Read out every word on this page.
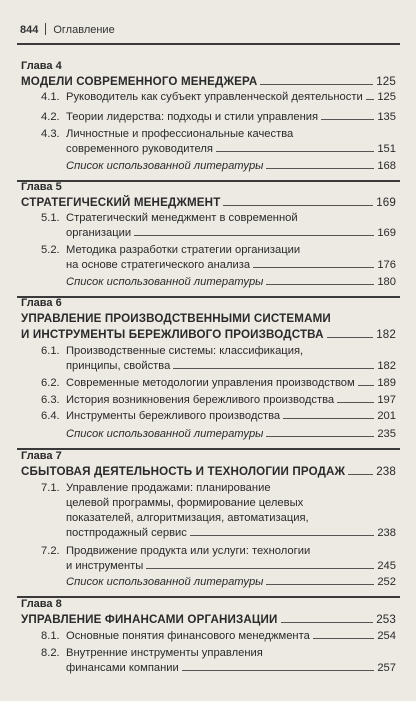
844 Оглавление
Глава 4
МОДЕЛИ СОВРЕМЕННОГО МЕНЕДЖЕРА	125
4.1. Руководитель как субъект управленческой деятельности 125
4.2. Теории лидерства: подходы и стили управления	135
4.3. Личностные и профессиональные качества
современного руководителя	151
Список использованной литературы	168
Глава 5
СТРАТЕГИЧЕСКИЙ МЕНЕДЖМЕНТ	169
5.1. Стратегический менеджмент в современной
организации	169
5.2. Методика разработки стратегии организации
на основе стратегического анализа	176
Список использованной литературы	180
Глава 6
УПРАВЛЕНИЕ ПРОИЗВОДСТВЕННЫМИ СИСТЕМАМИ
И ИНСТРУМЕНТЫ БЕРЕЖЛИВОГО ПРОИЗВОДСТВА	182
6.1. Производственные системы: классификация,
принципы, свойства	182
6.2. Современные методологии управления производством 189
6.3. История возникновения бережливого производства	197
6.4. Инструменты бережливого производства	201
Список использованной литературы	235
Глава 7
СБЫТОВАЯ ДЕЯТЕЛЬНОСТЬ И ТЕХНОЛОГИИ ПРОДАЖ	238
7.1. Управление продажами: планирование
целевой программы, формирование целевых
показателей, алгоритмизация, автоматизация,
постпродажный сервис	238
7.2. Продвижение продукта или услуги: технологии
и инструменты	245
Список использованной литературы	252
Глава 8
УПРАВЛЕНИЕ ФИНАНСАМИ ОРГАНИЗАЦИИ	253
8.1. Основные понятия финансового менеджмента	254
8.2. Внутренние инструменты управления
финансами компании	257
